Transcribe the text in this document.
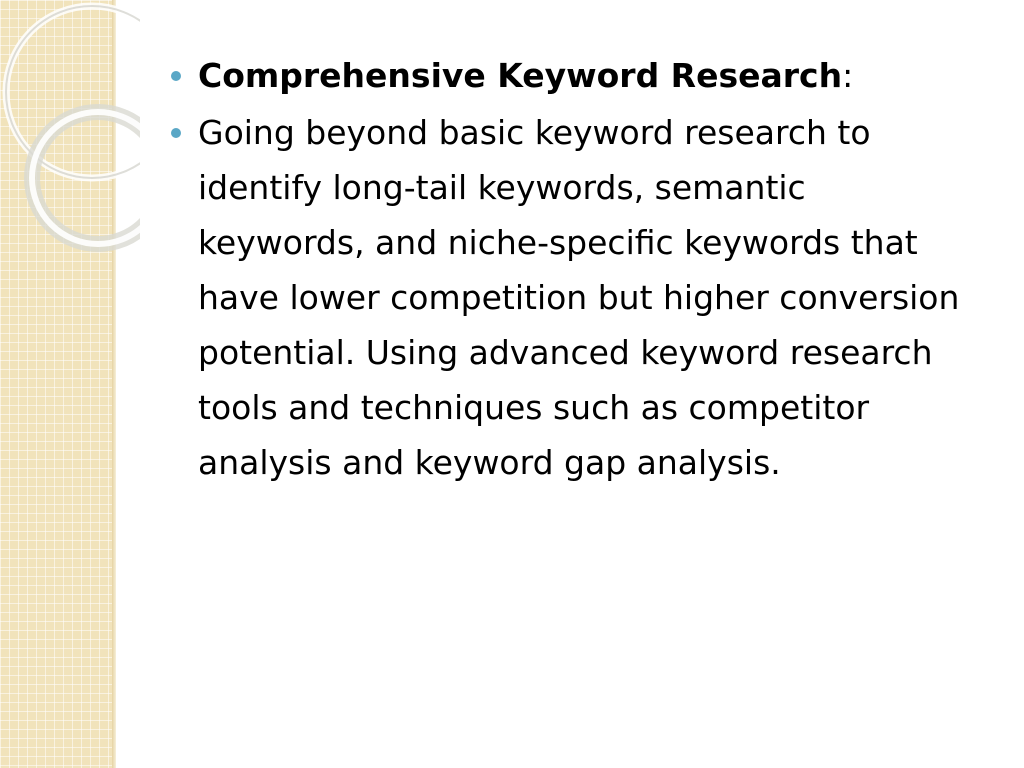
Comprehensive Keyword Research:
Going beyond basic keyword research to identify long-tail keywords, semantic keywords, and niche-specific keywords that have lower competition but higher conversion potential. Using advanced keyword research tools and techniques such as competitor analysis and keyword gap analysis.
